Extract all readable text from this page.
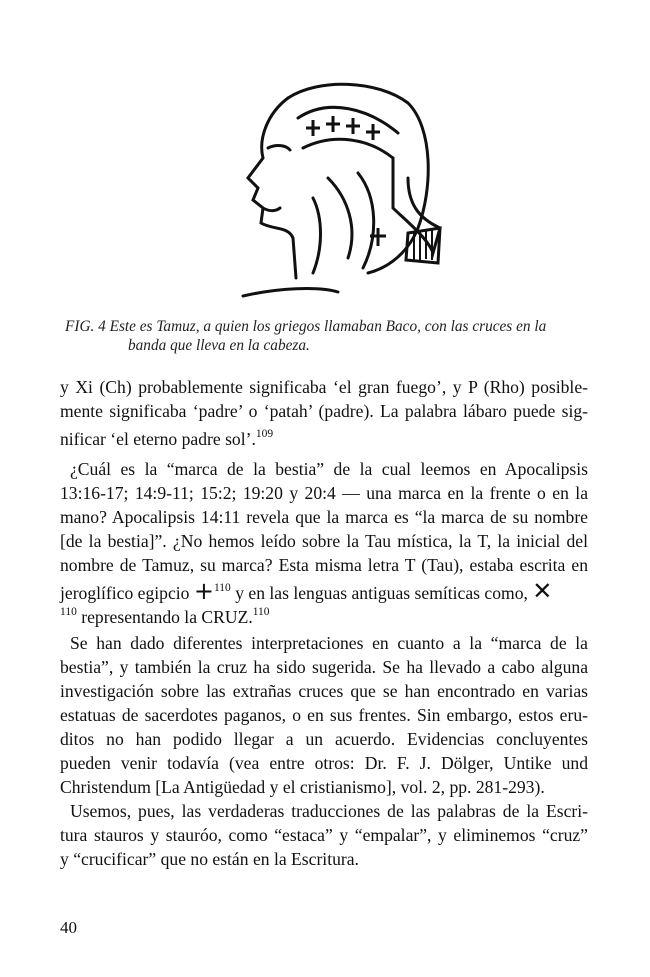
FIG. 4 Este es Tamuz, a quien los griegos llamaban Baco, con las cruces en la
banda que lleva en la cabeza.
y Xi (Ch) probablemente significaba ‘el gran fuego’, y P (Rho) posible-
mente significaba ‘padre’ o ‘patah’ (padre). La palabra lábaro puede sig-
nificar ‘el eterno padre sol’.$^{109}$
¿Cuál es la “marca de la bestia” de la cual leemos en Apocalipsis
13:16-17; 14:9-11; 15:2; 19:20 y 20:4 — una marca en la frente o en la
mano? Apocalipsis 14:11 revela que la marca es “la marca de su nombre
[de la bestia]”. ¿No hemos leído sobre la Tau mística, la T, la inicial del
nombre de Tamuz, su marca? Esta misma letra T (Tau), estaba escrita en
jeroglífico egipcio +$^{110}$ y en las lenguas antiguas semíticas como, ✕
$^{110}$ representando la CRUZ.$^{110}$
Se han dado diferentes interpretaciones en cuanto a la “marca de la
bestia”, y también la cruz ha sido sugerida. Se ha llevado a cabo alguna
investigación sobre las extrañas cruces que se han encontrado en varias
estatuas de sacerdotes paganos, o en sus frentes. Sin embargo, estos eru-
ditos no han podido llegar a un acuerdo. Evidencias concluyentes
pueden venir todavía (vea entre otros: Dr. F. J. Dölger, Untike und
Christendum [La Antigüedad y el cristianismo], vol. 2, pp. 281-293).
Usemos, pues, las verdaderas traducciones de las palabras de la Escri-
tura stauros y stauróo, como “estaca” y “empalar”, y eliminemos “cruz”
y “crucificar” que no están en la Escritura.
40
